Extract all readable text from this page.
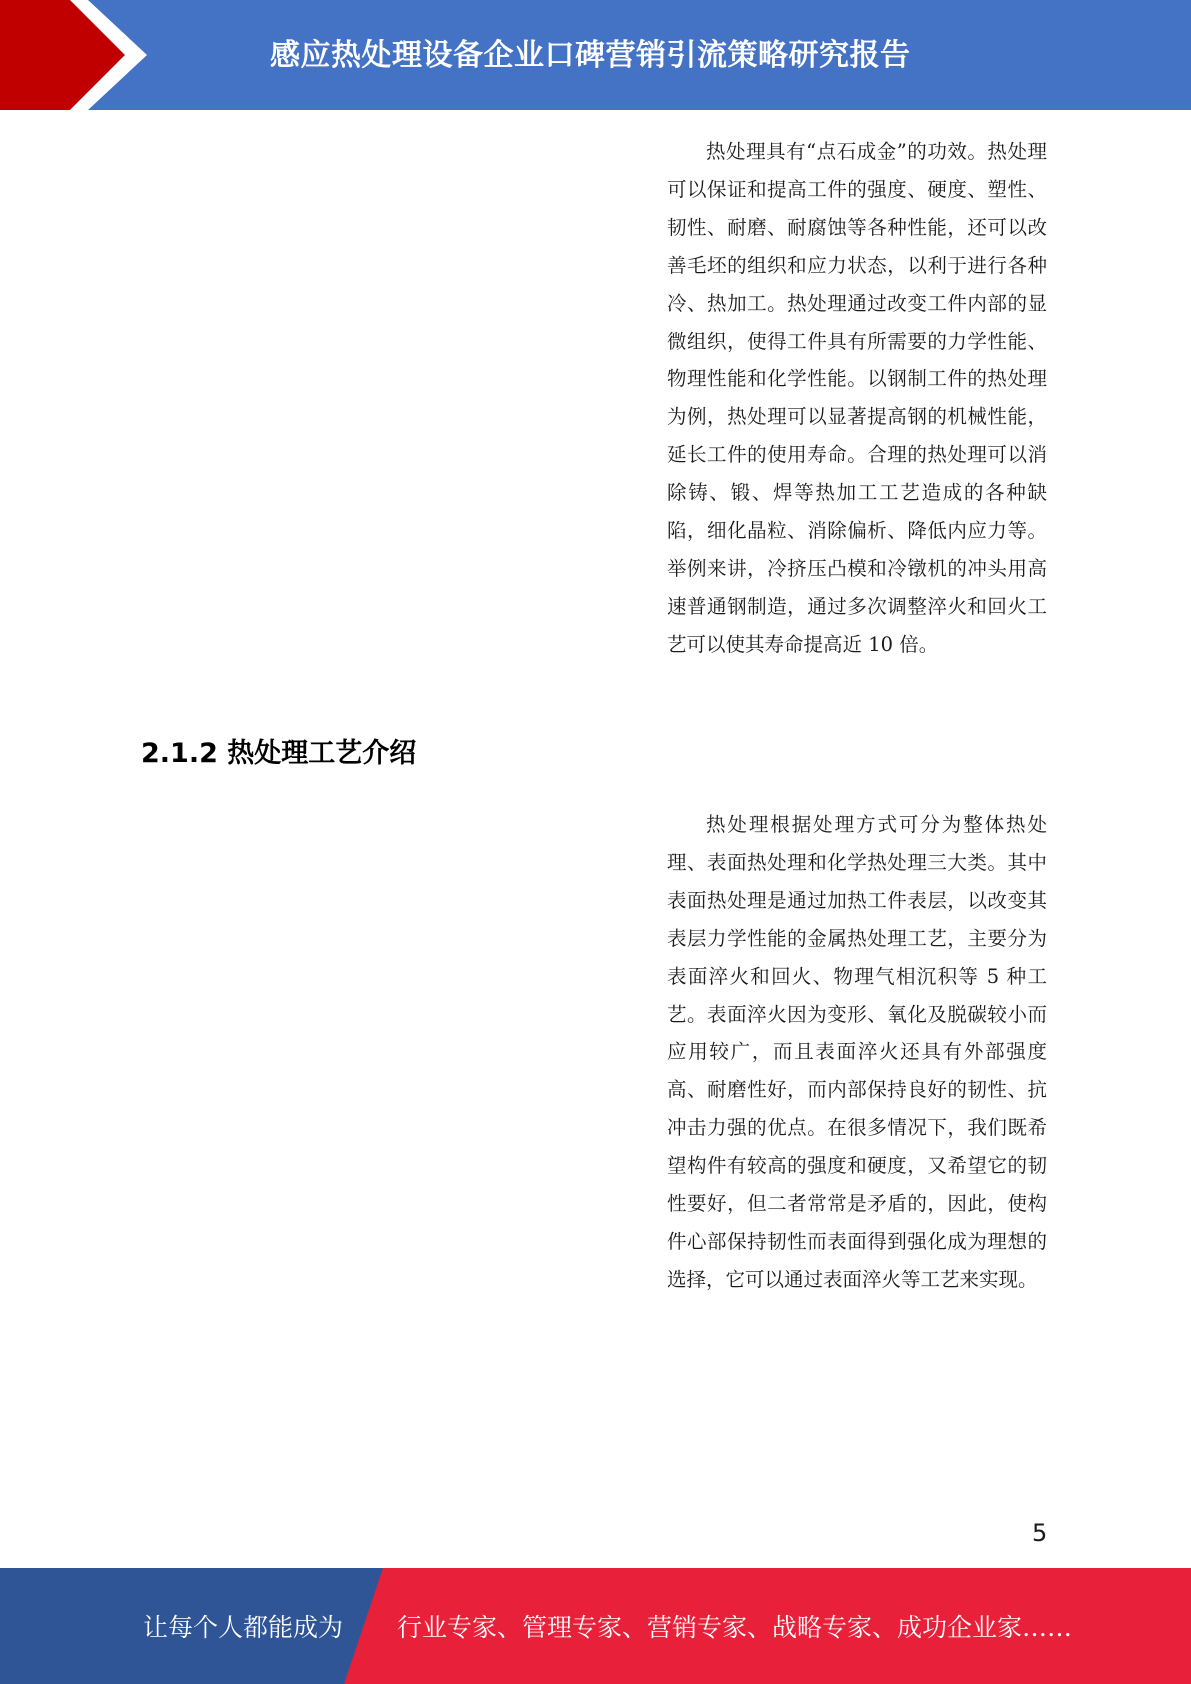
感应热处理设备企业口碑营销引流策略研究报告

热处理具有“点石成金”的功效。热处理可以保证和提高工件的强度、硬度、塑性、韧性、耐磨、耐腐蚀等各种性能，还可以改善毛坯的组织和应力状态，以利于进行各种冷、热加工。热处理通过改变工件内部的显微组织，使得工件具有所需要的力学性能、物理性能和化学性能。以钢制工件的热处理为例，热处理可以显著提高钢的机械性能，延长工件的使用寿命。合理的热处理可以消除铸、锻、焊等热加工工艺造成的各种缺陷，细化晶粒、消除偏析、降低内应力等。举例来讲，冷挤压凸模和冷镦机的冲头用高速普通钢制造，通过多次调整淬火和回火工艺可以使其寿命提高近 10 倍。

2.1.2 热处理工艺介绍

热处理根据处理方式可分为整体热处理、表面热处理和化学热处理三大类。其中表面热处理是通过加热工件表层，以改变其表层力学性能的金属热处理工艺，主要分为表面淬火和回火、物理气相沉积等 5 种工艺。表面淬火因为变形、氧化及脱碳较小而应用较广，而且表面淬火还具有外部强度高、耐磨性好，而内部保持良好的韧性、抗冲击力强的优点。在很多情况下，我们既希望构件有较高的强度和硬度，又希望它的韧性要好，但二者常常是矛盾的，因此，使构件心部保持韧性而表面得到强化成为理想的选择，它可以通过表面淬火等工艺来实现。

5
让每个人都能成为 行业专家、管理专家、营销专家、战略专家、成功企业家……
